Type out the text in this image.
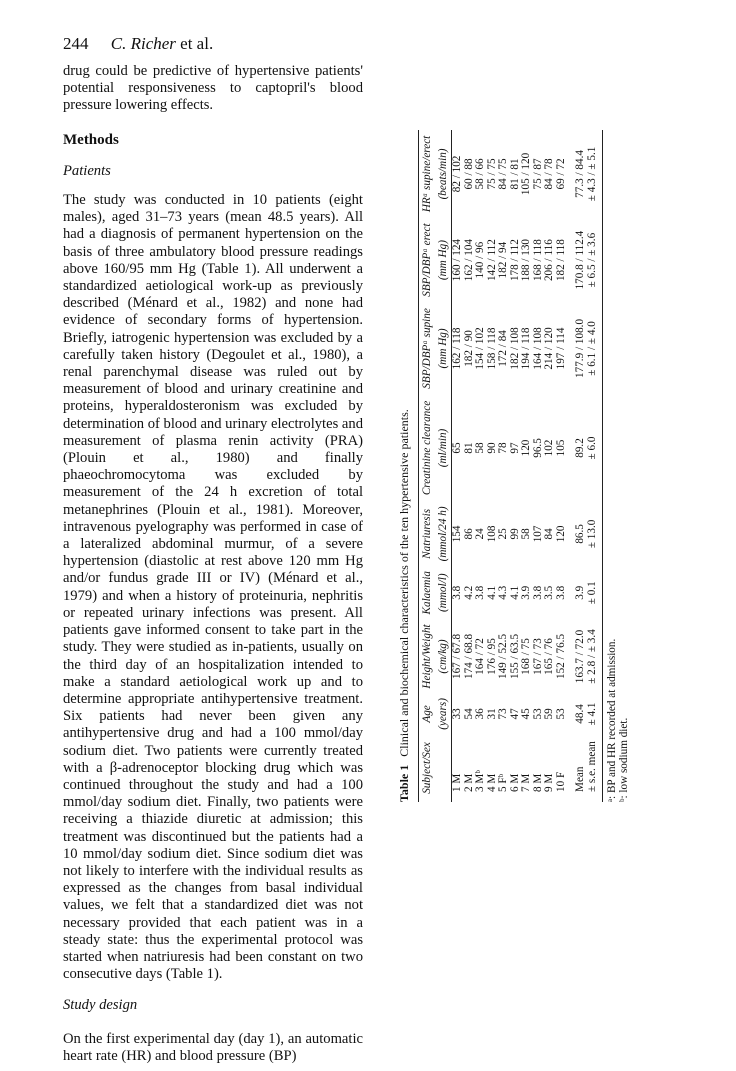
244 C. Richer et al.

drug could be predictive of hypertensive patients' potential responsiveness to captopril's blood pressure lowering effects.

Methods
Patients

The study was conducted in 10 patients (eight males), aged 31–73 years (mean 48.5 years). All had a diagnosis of permanent hypertension on the basis of three ambulatory blood pressure readings above 160/95 mm Hg (Table 1). All underwent a standardized aetiological work-up as previously described (Ménard et al., 1982) and none had evidence of secondary forms of hypertension. Briefly, iatrogenic hypertension was excluded by a carefully taken history (Degoulet et al., 1980), a renal parenchymal disease was ruled out by measurement of blood and urinary creatinine and proteins, hyperaldosteronism was excluded by determination of blood and urinary electrolytes and measurement of plasma renin activity (PRA) (Plouin et al., 1980) and finally phaeochromocytoma was excluded by measurement of the 24 h excretion of total metanephrines (Plouin et al., 1981). Moreover, intravenous pyelography was performed in case of a lateralized abdominal murmur, of a severe hypertension (diastolic at rest above 120 mm Hg and/or fundus grade III or IV) (Ménard et al., 1979) and when a history of proteinuria, nephritis or repeated urinary infections was present. All patients gave informed consent to take part in the study. They were studied as in-patients, usually on the third day of an hospitalization intended to make a standard aetiological work up and to determine appropriate antihypertensive treatment. Six patients had never been given any antihypertensive drug and had a 100 mmol/day sodium diet. Two patients were currently treated with a β-adrenoceptor blocking drug which was continued throughout the study and had a 100 mmol/day sodium diet. Finally, two patients were receiving a thiazide diuretic at admission; this treatment was discontinued but the patients had a 10 mmol/day sodium diet. Since sodium diet was not likely to interfere with the individual results as expressed as the changes from basal individual values, we felt that a standardized diet was not necessary provided that each patient was in a steady state: thus the experimental protocol was started when natriuresis had been constant on two consecutive days (Table 1).

Study design

On the first experimental day (day 1), an automatic heart rate (HR) and blood pressure (BP)

Table 1Clinical and biochemical characteristics of the ten hypertensive patients.
Subject/Sex	Age	Height/Weight	Kalaemia	Natriuresis	Creatinine clearance	SBP/DBPᵃ supine	SBP/DBPᵃ erect	HRᵃ supine/erect
	(years)	(cm/kg)	(mmol/l)	(mmol/24 h)	(ml/min)	(mm Hg)	(mm Hg)	(beats/min)
1 M	33	167 / 67.8	3.8	154	65	162 / 118	160 / 124	82 / 102
2 M	54	174 / 68.8	4.2	86	81	182 / 90	162 / 104	60 / 88
3 Mᵇ	36	164 / 72	3.8	24	58	154 / 102	140 / 96	58 / 66
4 M	31	176 / 95	4.1	108	90	158 / 118	142 / 112	75 / 75
5 Fᵇ	73	149 / 52.5	4.3	25	78	172 / 84	182 / 94	84 / 75
6 M	47	155 / 63.5	4.1	99	97	182 / 108	178 / 112	81 / 81
7 M	45	168 / 75	3.9	58	120	194 / 118	188 / 130	105 / 120
8 M	53	167 / 73	3.8	107	96.5	164 / 108	168 / 118	75 / 87
9 M	59	165 / 76	3.5	84	102	214 / 120	206 / 116	84 / 78
10 F	53	152 / 76.5	3.8	120	105	197 / 114	182 / 118	69 / 72

Mean	48.4	163.7 / 72.0	3.9	86.5	89.2	177.9 / 108.0	170.8 / 112.4	77.3 / 84.4
± s.e. mean	± 4.1	± 2.8 / ± 3.4	± 0.1	± 13.0	± 6.0	± 6.1 / ± 4.0	± 6.5 / ± 3.6	± 4.3 / ± 5.1
ᵃ: BP and HR recorded at admission. ᵇ: low sodium diet.
